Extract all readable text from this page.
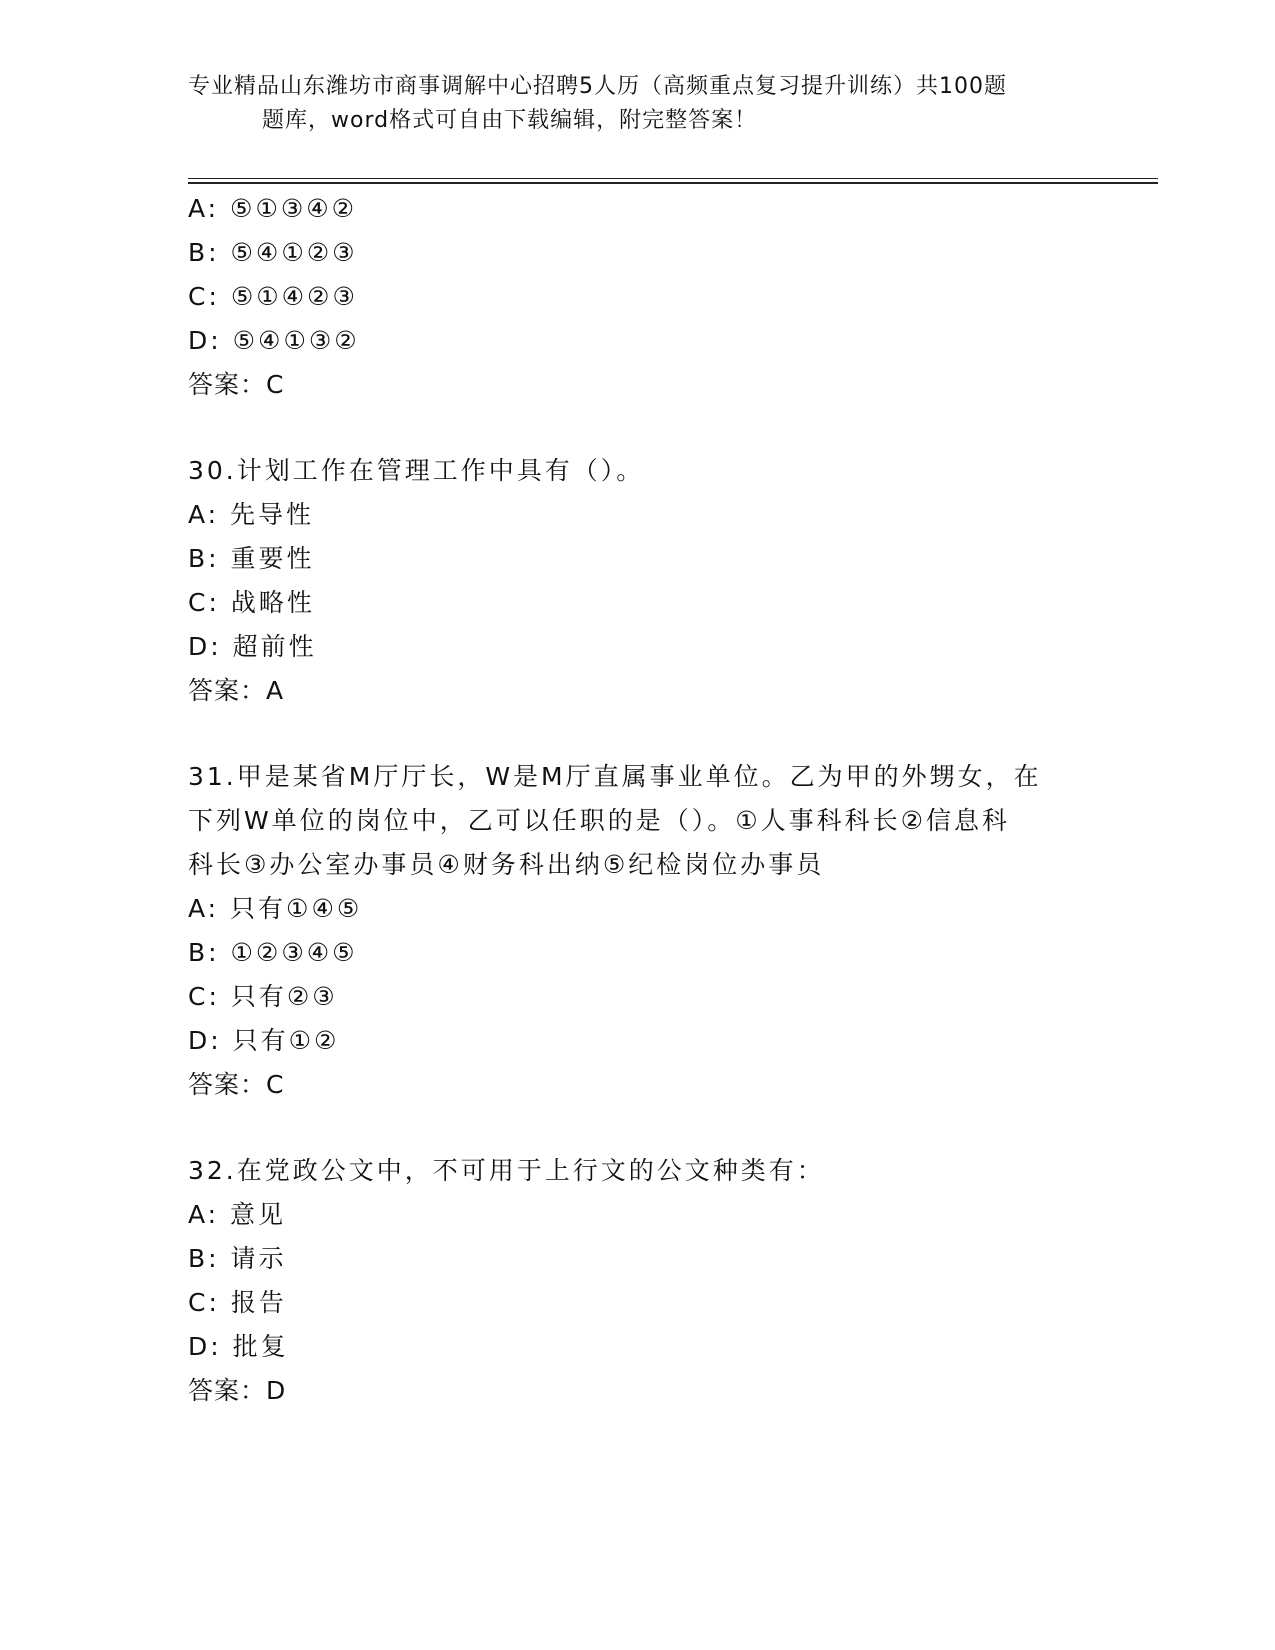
专业精品山东潍坊市商事调解中心招聘5人历（高频重点复习提升训练）共100题
题库，word格式可自由下载编辑，附完整答案！
A: ⑤①③④②
B: ⑤④①②③
C: ⑤①④②③
D: ⑤④①③②
答案：C
30.计划工作在管理工作中具有（）。
A: 先导性
B: 重要性
C: 战略性
D: 超前性
答案：A
31.甲是某省M厅厅长，W是M厅直属事业单位。乙为甲的外甥女，在
下列W单位的岗位中，乙可以任职的是（）。①人事科科长②信息科
科长③办公室办事员④财务科出纳⑤纪检岗位办事员
A: 只有①④⑤
B: ①②③④⑤
C: 只有②③
D: 只有①②
答案：C
32.在党政公文中，不可用于上行文的公文种类有：
A: 意见
B: 请示
C: 报告
D: 批复
答案：D
